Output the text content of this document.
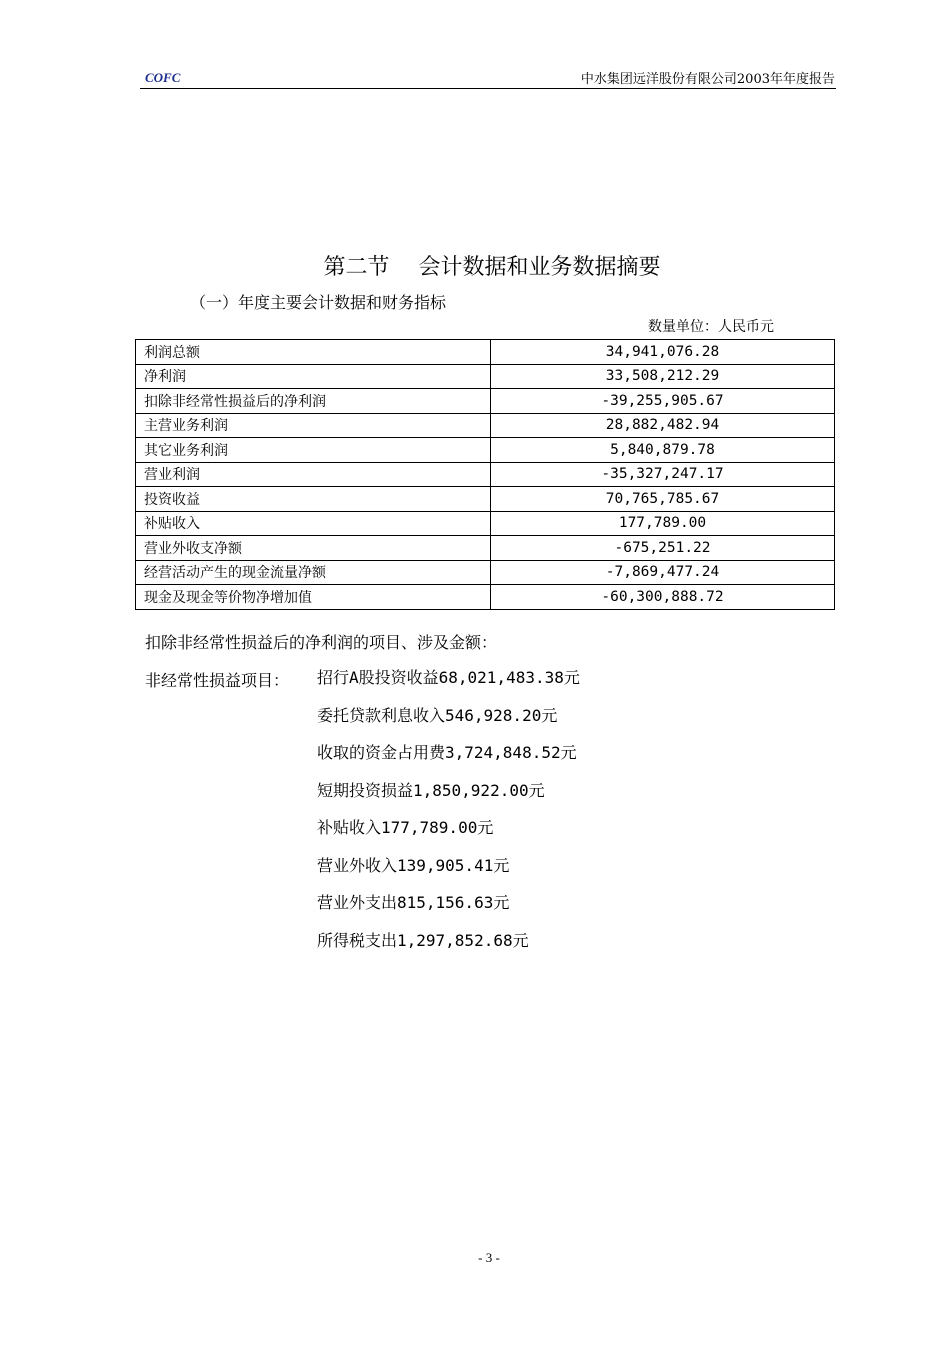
COFC	中水集团远洋股份有限公司2003年年度报告
第二节　 会计数据和业务数据摘要
（一）年度主要会计数据和财务指标
数量单位：人民币元
利润总额	34,941,076.28
净利润	33,508,212.29
扣除非经常性损益后的净利润	-39,255,905.67
主营业务利润	28,882,482.94
其它业务利润	5,840,879.78
营业利润	-35,327,247.17
投资收益	70,765,785.67
补贴收入	177,789.00
营业外收支净额	-675,251.22
经营活动产生的现金流量净额	-7,869,477.24
现金及现金等价物净增加值	-60,300,888.72
扣除非经常性损益后的净利润的项目、涉及金额：
非经常性损益项目： 招行A股投资收益68,021,483.38元
委托贷款利息收入546,928.20元
收取的资金占用费3,724,848.52元
短期投资损益1,850,922.00元
补贴收入177,789.00元
营业外收入139,905.41元
营业外支出815,156.63元
所得税支出1,297,852.68元
- 3 -
